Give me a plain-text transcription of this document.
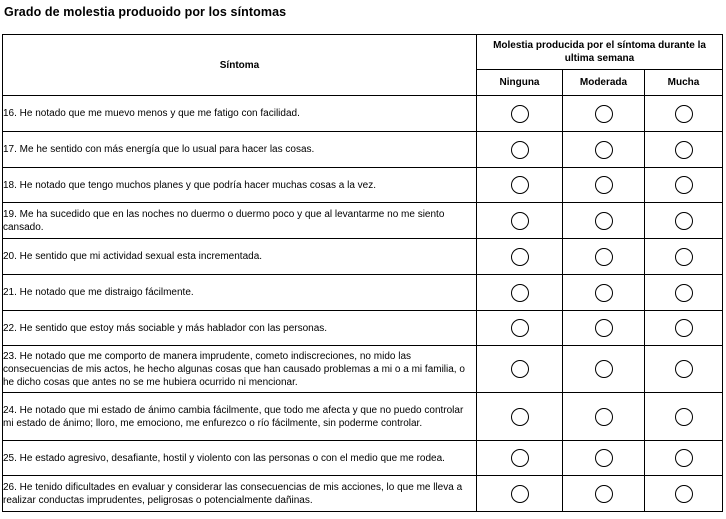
Grado de molestia produoido por los síntomas
Síntoma	Molestia producida por el síntoma durante la ultima semana		
	Ninguna	Moderada	Mucha
16. He notado que me muevo menos y que me fatigo con facilidad.			
17. Me he sentido con más energía que lo usual para hacer las cosas.			
18. He notado que tengo muchos planes y que podría hacer muchas cosas a la vez.			
19. Me ha sucedido que en las noches no duermo o duermo poco y que al levantarme no me siento cansado.			
20. He sentido que mi actividad sexual esta incrementada.			
21. He notado que me distraigo fácilmente.			
22. He sentido que estoy más sociable y más hablador con las personas.			
23. He notado que me comporto de manera imprudente, cometo indiscreciones, no mido las consecuencias de mis actos, he hecho algunas cosas que han causado problemas a mi o a mi familia, o he dicho cosas que antes no se me hubiera ocurrido ni mencionar.			
24. He notado que mi estado de ánimo cambia fácilmente, que todo me afecta y que no puedo controlar mi estado de ánimo; lloro, me emociono, me enfurezco o río fácilmente, sin poderme controlar.			
25. He estado agresivo, desafiante, hostil y violento con las personas o con el medio que me rodea.			
26. He tenido dificultades en evaluar y considerar las consecuencias de mis acciones, lo que me lleva a realizar conductas imprudentes, peligrosas o potencialmente dañinas.			
